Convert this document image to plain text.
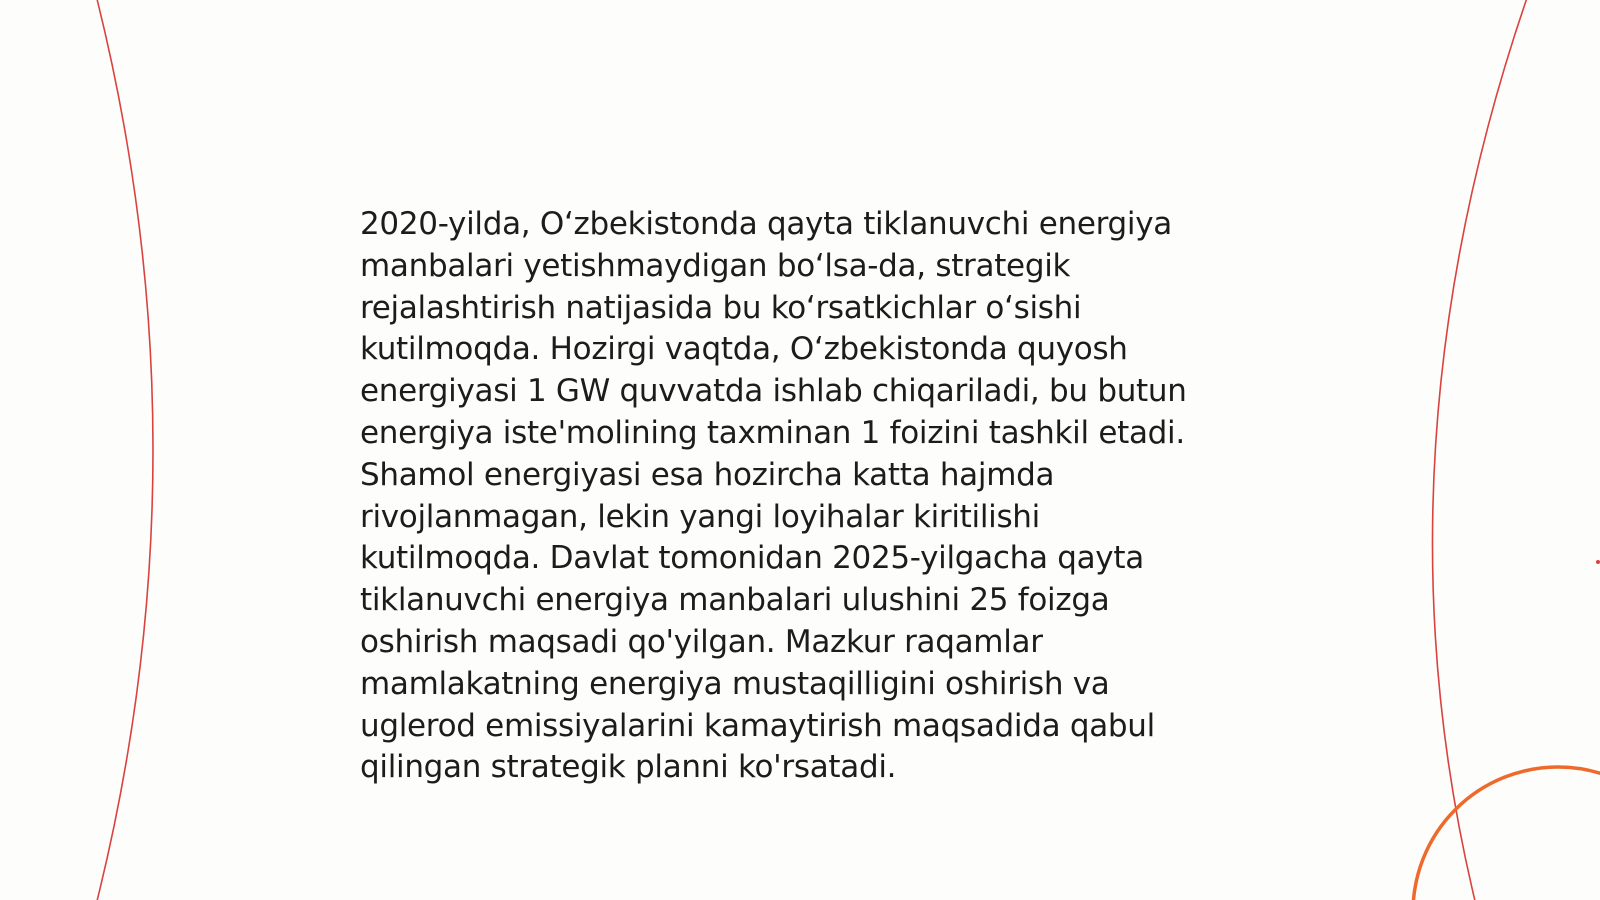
2020-yilda, O‘zbekistonda qayta tiklanuvchi energiya
manbalari yetishmaydigan bo‘lsa-da, strategik
rejalashtirish natijasida bu ko‘rsatkichlar o‘sishi
kutilmoqda. Hozirgi vaqtda, O‘zbekistonda quyosh
energiyasi 1 GW quvvatda ishlab chiqariladi, bu butun
energiya iste'molining taxminan 1 foizini tashkil etadi.
Shamol energiyasi esa hozircha katta hajmda
rivojlanmagan, lekin yangi loyihalar kiritilishi
kutilmoqda. Davlat tomonidan 2025-yilgacha qayta
tiklanuvchi energiya manbalari ulushini 25 foizga
oshirish maqsadi qo'yilgan. Mazkur raqamlar
mamlakatning energiya mustaqilligini oshirish va
uglerod emissiyalarini kamaytirish maqsadida qabul
qilingan strategik planni ko'rsatadi.
